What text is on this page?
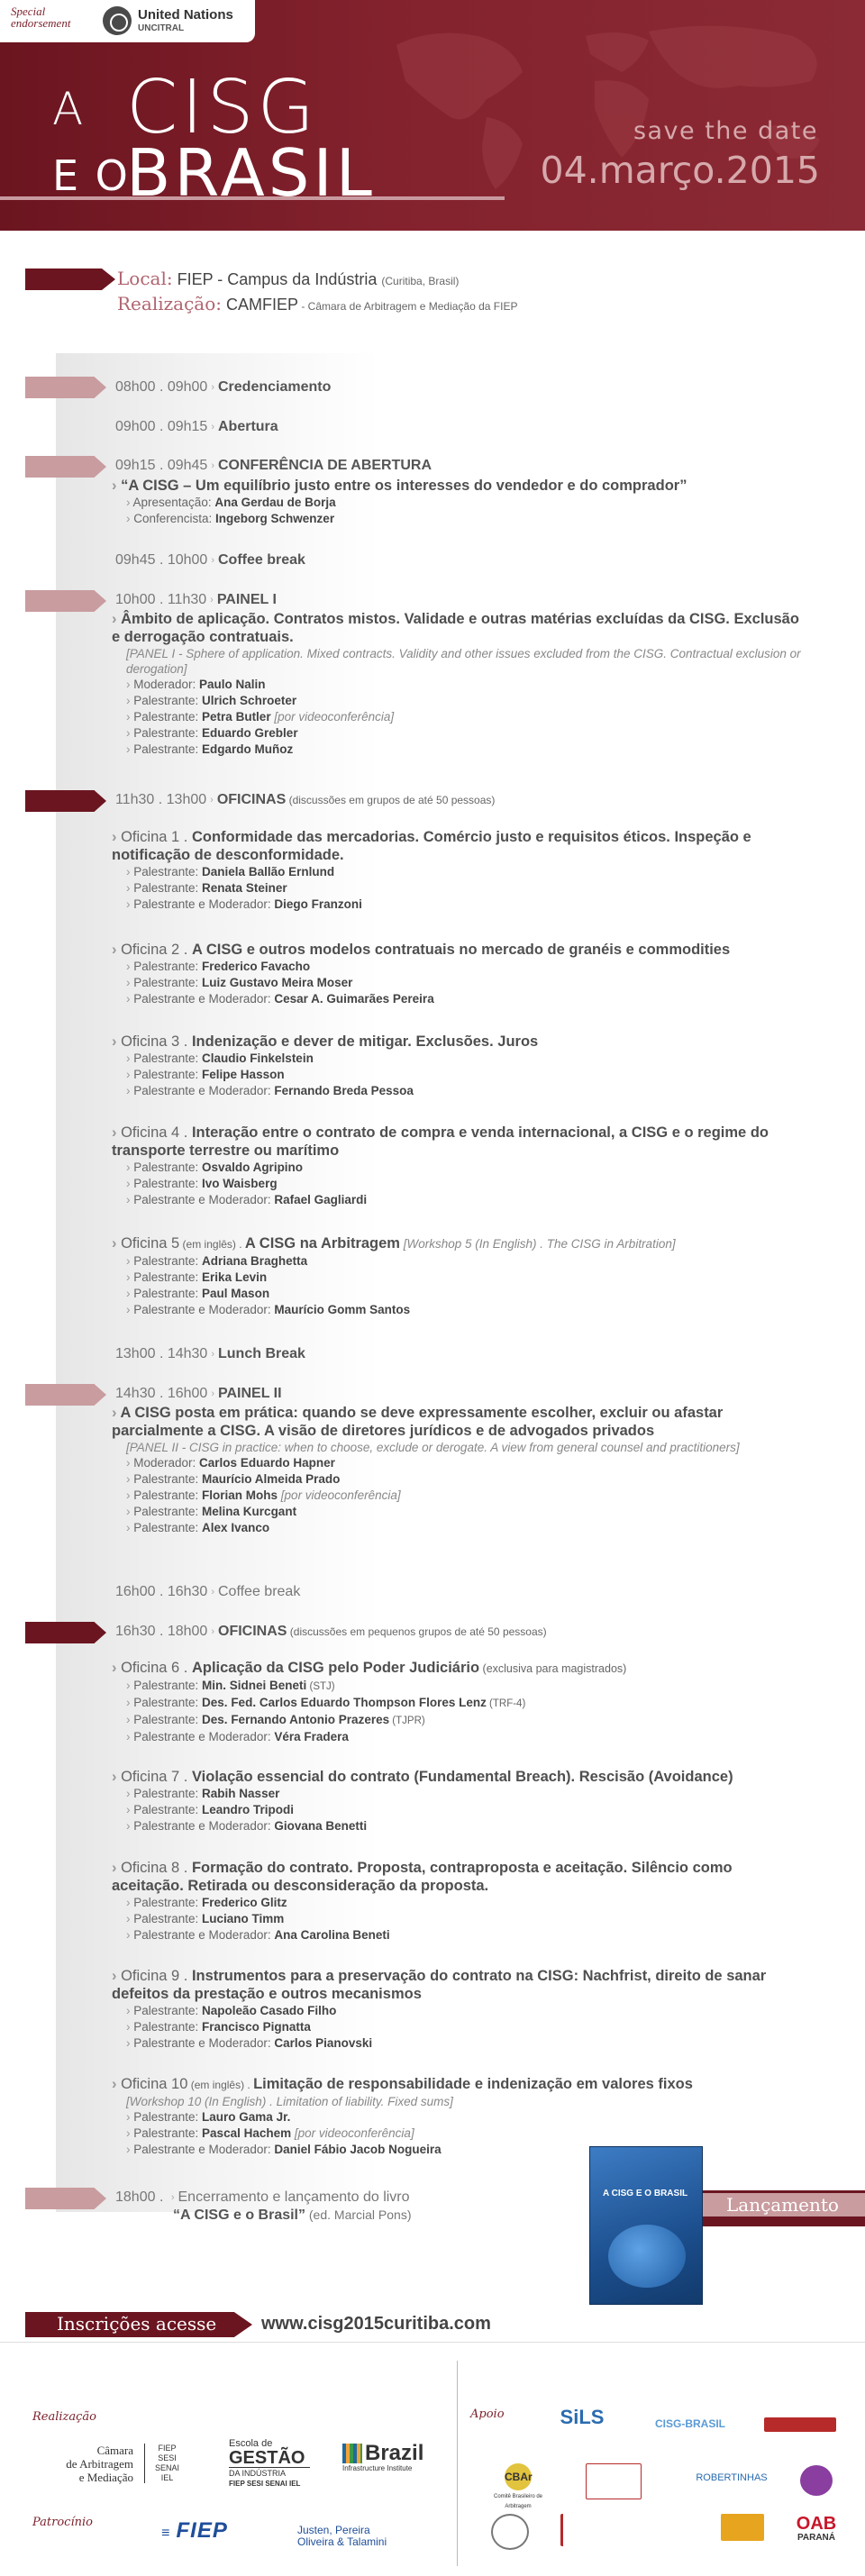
A CISG
E O
BRASIL
save the date
04.março.2015
Special
endorsement
United Nations
UNCITRAL
Local: FIEP - Campus da Indústria (Curitiba, Brasil)
Realização: CAMFIEP - Câmara de Arbitragem e Mediação da FIEP
08h00 . 09h00 › Credenciamento
09h00 . 09h15 › Abertura
09h15 . 09h45 › CONFERÊNCIA DE ABERTURA
› “A CISG – Um equilíbrio justo entre os interesses do vendedor e do comprador”
› Apresentação: Ana Gerdau de Borja
› Conferencista: Ingeborg Schwenzer
09h45 . 10h00 › Coffee break
10h00 . 11h30 › PAINEL I
› Âmbito de aplicação. Contratos mistos. Validade e outras matérias excluídas da CISG. Exclusão e derrogação contratuais.
[PANEL I - Sphere of application. Mixed contracts. Validity and other issues excluded from the CISG. Contractual exclusion or derogation]
› Moderador: Paulo Nalin
› Palestrante: Ulrich Schroeter
› Palestrante: Petra Butler [por videoconferência]
› Palestrante: Eduardo Grebler
› Palestrante: Edgardo Muñoz
11h30 . 13h00 › OFICINAS (discussões em grupos de até 50 pessoas)
› Oficina 1 . Conformidade das mercadorias. Comércio justo e requisitos éticos. Inspeção e notificação de desconformidade.
› Palestrante: Daniela Ballão Ernlund
› Palestrante: Renata Steiner
› Palestrante e Moderador: Diego Franzoni
› Oficina 2 . A CISG e outros modelos contratuais no mercado de granéis e commodities
› Palestrante: Frederico Favacho
› Palestrante: Luiz Gustavo Meira Moser
› Palestrante e Moderador: Cesar A. Guimarães Pereira
› Oficina 3 . Indenização e dever de mitigar. Exclusões. Juros
› Palestrante: Claudio Finkelstein
› Palestrante: Felipe Hasson
› Palestrante e Moderador: Fernando Breda Pessoa
› Oficina 4 . Interação entre o contrato de compra e venda internacional, a CISG e o regime do transporte terrestre ou marítimo
› Palestrante: Osvaldo Agripino
› Palestrante: Ivo Waisberg
› Palestrante e Moderador: Rafael Gagliardi
› Oficina 5 (em inglês) . A CISG na Arbitragem [Workshop 5 (In English) . The CISG in Arbitration]
› Palestrante: Adriana Braghetta
› Palestrante: Erika Levin
› Palestrante: Paul Mason
› Palestrante e Moderador: Maurício Gomm Santos
13h00 . 14h30 › Lunch Break
14h30 . 16h00 › PAINEL II
› A CISG posta em prática: quando se deve expressamente escolher, excluir ou afastar parcialmente a CISG. A visão de diretores jurídicos e de advogados privados
[PANEL II - CISG in practice: when to choose, exclude or derogate. A view from general counsel and practitioners]
› Moderador: Carlos Eduardo Hapner
› Palestrante: Maurício Almeida Prado
› Palestrante: Florian Mohs [por videoconferência]
› Palestrante: Melina Kurcgant
› Palestrante: Alex Ivanco
16h00 . 16h30 › Coffee break
16h30 . 18h00 › OFICINAS (discussões em pequenos grupos de até 50 pessoas)
› Oficina 6 . Aplicação da CISG pelo Poder Judiciário (exclusiva para magistrados)
› Palestrante: Min. Sidnei Beneti (STJ)
› Palestrante: Des. Fed. Carlos Eduardo Thompson Flores Lenz (TRF-4)
› Palestrante: Des. Fernando Antonio Prazeres (TJPR)
› Palestrante e Moderador: Véra Fradera
› Oficina 7 . Violação essencial do contrato (Fundamental Breach). Rescisão (Avoidance)
› Palestrante: Rabih Nasser
› Palestrante: Leandro Tripodi
› Palestrante e Moderador: Giovana Benetti
› Oficina 8 . Formação do contrato. Proposta, contraproposta e aceitação. Silêncio como aceitação. Retirada ou desconsideração da proposta.
› Palestrante: Frederico Glitz
› Palestrante: Luciano Timm
› Palestrante e Moderador: Ana Carolina Beneti
› Oficina 9 . Instrumentos para a preservação do contrato na CISG: Nachfrist, direito de sanar defeitos da prestação e outros mecanismos
› Palestrante: Napoleão Casado Filho
› Palestrante: Francisco Pignatta
› Palestrante e Moderador: Carlos Pianovski
› Oficina 10 (em inglês) . Limitação de responsabilidade e indenização em valores fixos
[Workshop 10 (In English) . Limitation of liability. Fixed sums]
› Palestrante: Lauro Gama Jr.
› Palestrante: Pascal Hachem [por videoconferência]
› Palestrante e Moderador: Daniel Fábio Jacob Nogueira
18h00 . › Encerramento e lançamento do livro
“A CISG e o Brasil” (ed. Marcial Pons)	Lançamento
A CISG E O BRASIL
Inscrições acesse www.cisg2015curitiba.com
Realização	Apoio
Patrocínio
Câmara
de Arbitragem
e Mediação
FIEP
SESI
SENAI
IEL
Escola de
GESTÃO
DA INDÚSTRIA
FIEP SESI SENAI IEL
Brazil
Infrastructure Institute
SiLS	CISG-BRASIL
CBAr
Comitê Brasileiro de Arbitragem
ROBERTINHAS
OAB
PARANÁ
≡ FIEP	Justen, Pereira
Oliveira & Talamini
